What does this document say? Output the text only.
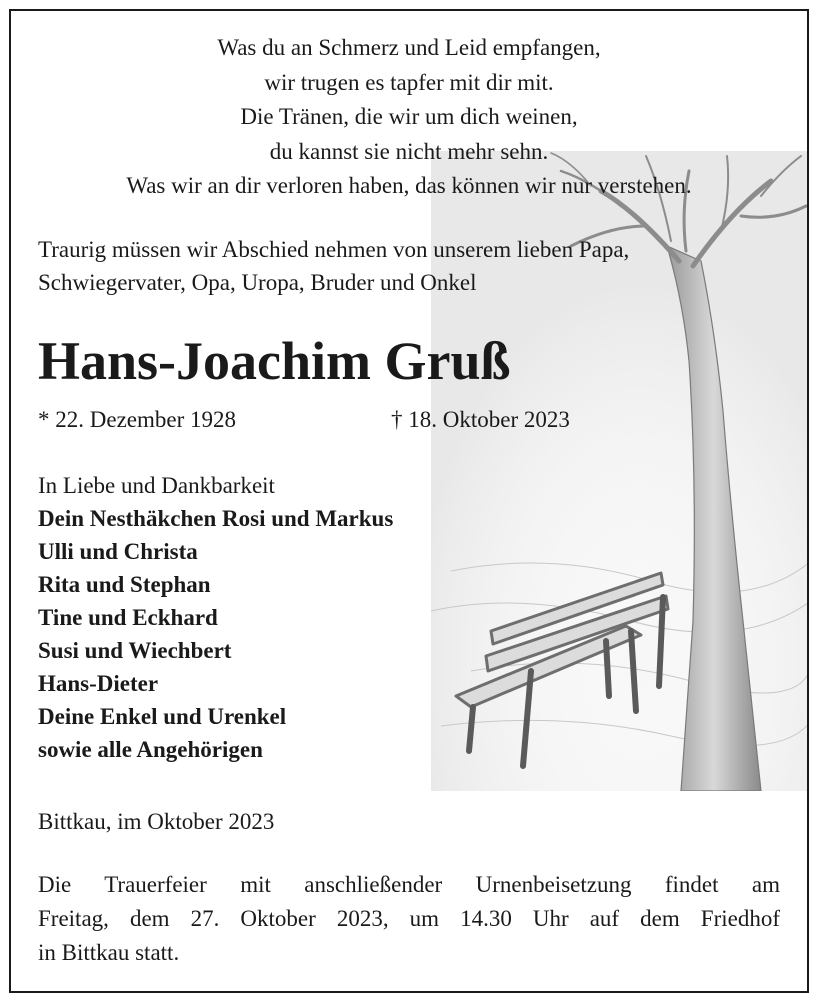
Was du an Schmerz und Leid empfangen,
wir trugen es tapfer mit dir mit.
Die Tränen, die wir um dich weinen,
du kannst sie nicht mehr sehn.
Was wir an dir verloren haben, das können wir nur verstehen.
Traurig müssen wir Abschied nehmen von unserem lieben Papa,
Schwiegervater, Opa, Uropa, Bruder und Onkel
Hans-Joachim Gruß
* 22. Dezember 1928	† 18. Oktober 2023
In Liebe und Dankbarkeit
Dein Nesthäkchen Rosi und Markus
Ulli und Christa
Rita und Stephan
Tine und Eckhard
Susi und Wiechbert
Hans-Dieter
Deine Enkel und Urenkel
sowie alle Angehörigen
Bittkau, im Oktober 2023
Die Trauerfeier mit anschließender Urnenbeisetzung findet am
Freitag, dem 27. Oktober 2023, um 14.30 Uhr auf dem Friedhof
in Bittkau statt.
